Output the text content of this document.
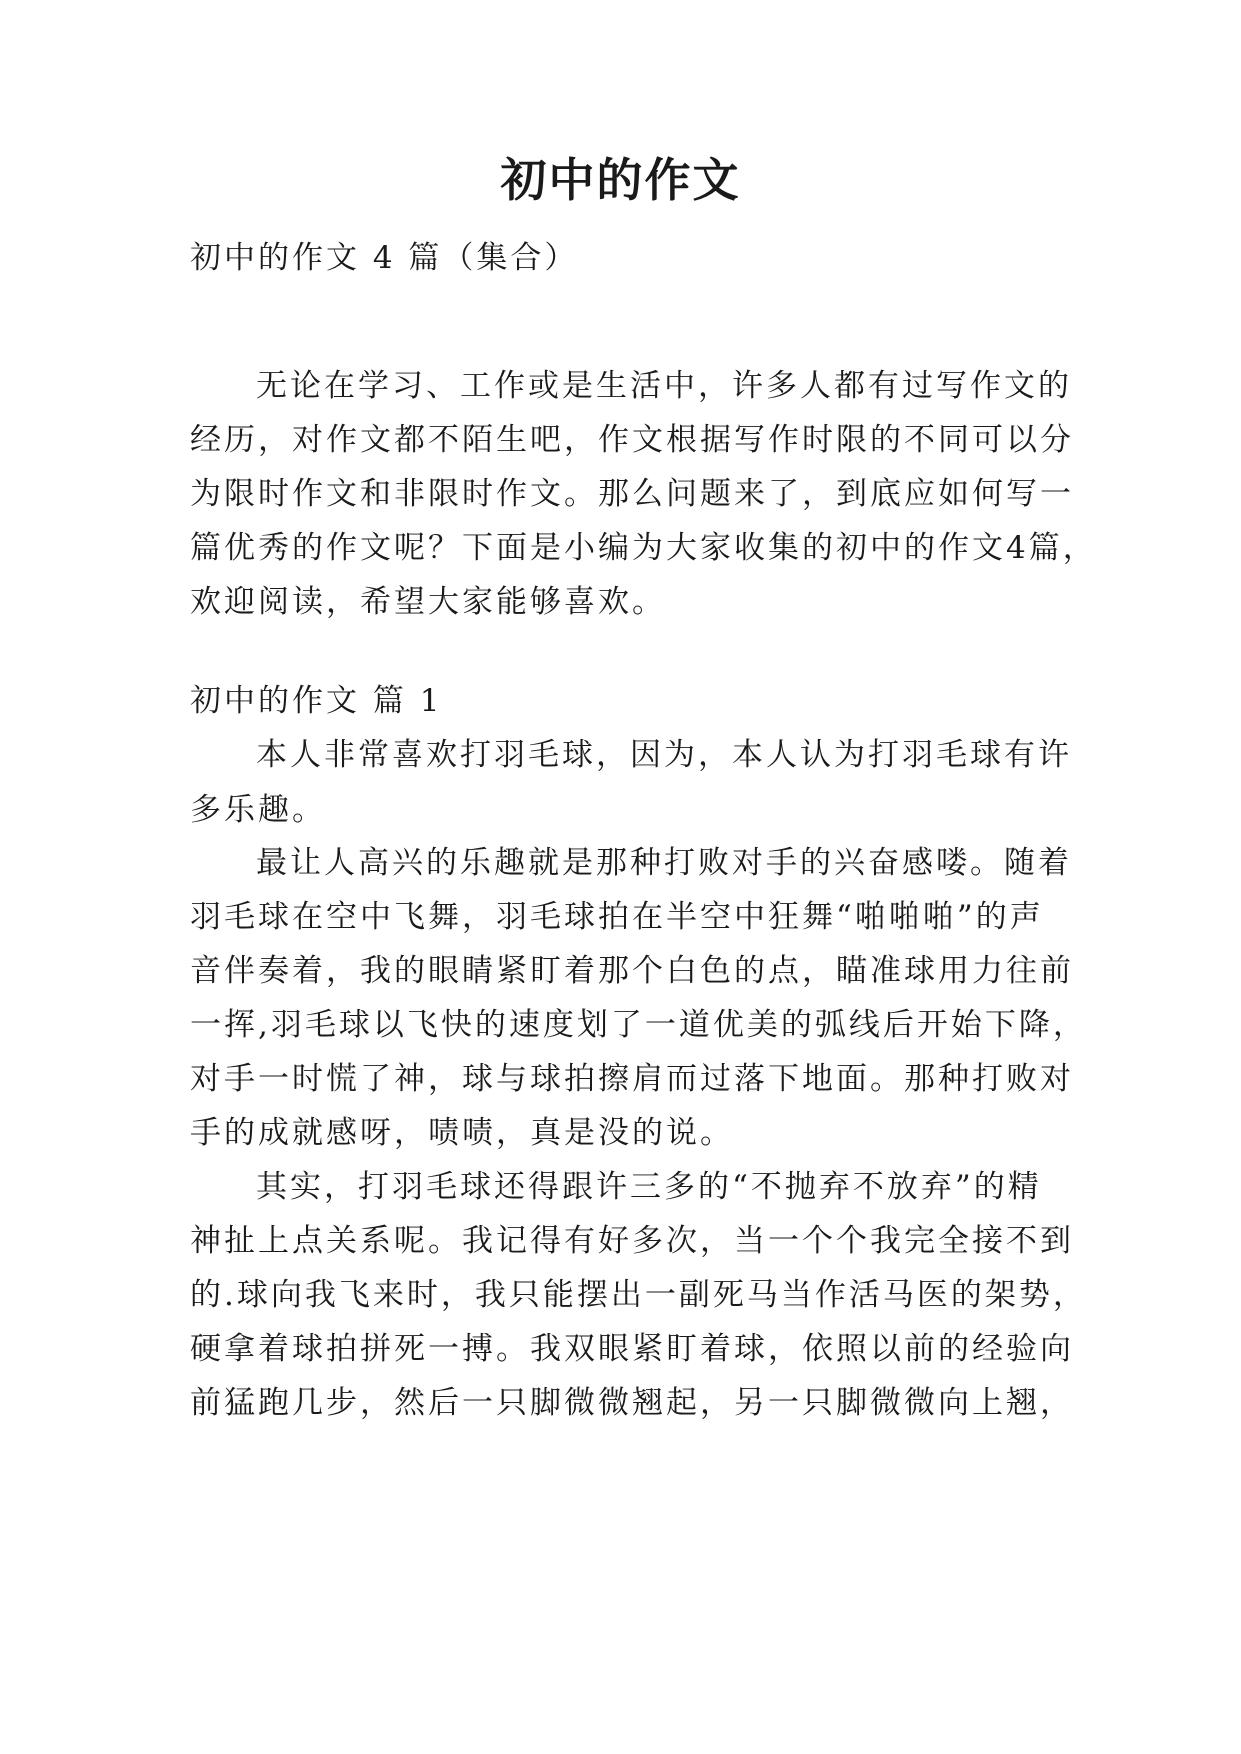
初中的作文
初中的作文 4 篇（集合）
无论在学习、工作或是生活中，许多人都有过写作文的
经历，对作文都不陌生吧，作文根据写作时限的不同可以分
为限时作文和非限时作文。那么问题来了，到底应如何写一
篇优秀的作文呢？下面是小编为大家收集的初中的作文4篇，
欢迎阅读，希望大家能够喜欢。
初中的作文 篇 1
本人非常喜欢打羽毛球，因为，本人认为打羽毛球有许
多乐趣。
最让人高兴的乐趣就是那种打败对手的兴奋感喽。随着
羽毛球在空中飞舞，羽毛球拍在半空中狂舞“啪啪啪”的声
音伴奏着，我的眼睛紧盯着那个白色的点，瞄准球用力往前
一挥,羽毛球以飞快的速度划了一道优美的弧线后开始下降，
对手一时慌了神，球与球拍擦肩而过落下地面。那种打败对
手的成就感呀，啧啧，真是没的说。
其实，打羽毛球还得跟许三多的“不抛弃不放弃”的精
神扯上点关系呢。我记得有好多次，当一个个我完全接不到
的.球向我飞来时，我只能摆出一副死马当作活马医的架势，
硬拿着球拍拼死一搏。我双眼紧盯着球，依照以前的经验向
前猛跑几步，然后一只脚微微翘起，另一只脚微微向上翘，
